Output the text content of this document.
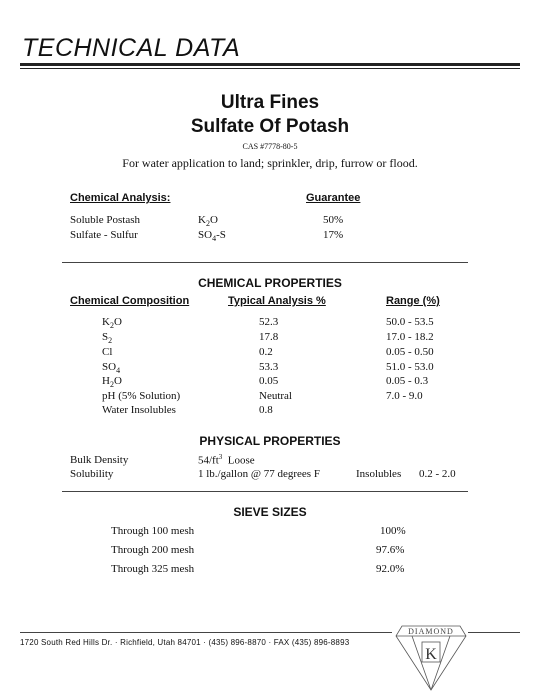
TECHNICAL DATA
Ultra Fines
Sulfate Of Potash
CAS #7778-80-5
For water application to land; sprinkler, drip, furrow or flood.
Chemical Analysis:	Guarantee
Soluble Postash	$K_2O$	50%
Sulfate - Sulfur	$SO_4-S$	17%
CHEMICAL PROPERTIES
Chemical Composition	Typical Analysis %	Range (%)
$K_2O$	52.3	50.0 - 53.5
$S_2$	17.8	17.0 - 18.2
Cl	0.2	0.05 - 0.50
$SO_4$	53.3	51.0 - 53.0
$H_2O$	0.05	0.05 - 0.3
pH (5% Solution)	Neutral	7.0 - 9.0
Water Insolubles	0.8
PHYSICAL PROPERTIES
Bulk Density	$54/ft^3$  Loose
Solubility	1 lb./gallon @ 77 degrees F	Insolubles 0.2 - 2.0
SIEVE SIZES
Through 100 mesh	100%
Through 200 mesh	97.6%
Through 325 mesh	92.0%
1720 South Red Hills Dr. · Richfield, Utah 84701 · (435) 896-8870 · FAX (435) 896-8893
DIAMOND
K
